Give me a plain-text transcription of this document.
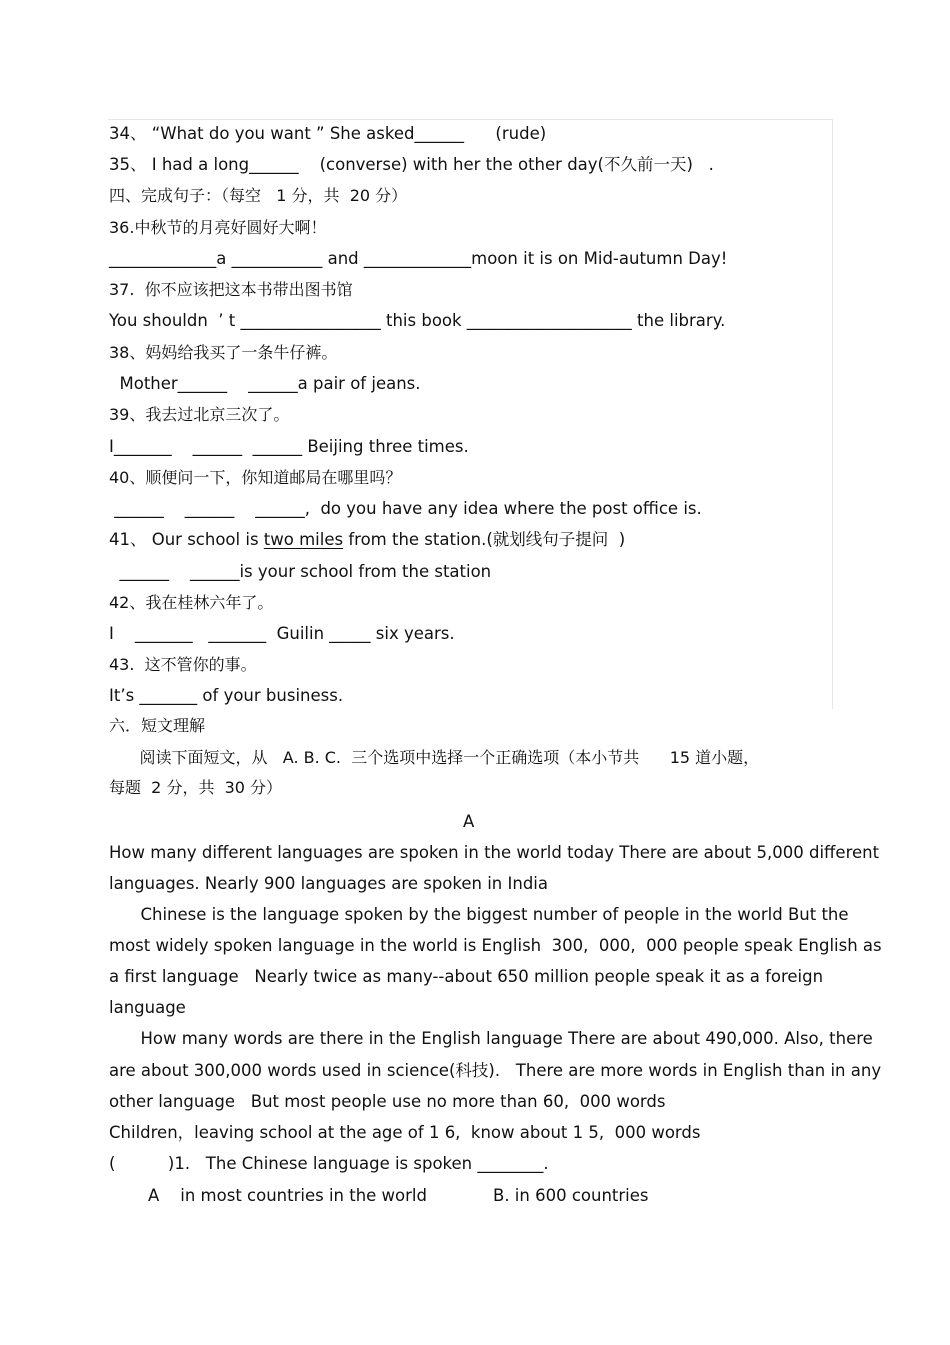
34、 “What do you want ” She asked______      (rude)
35、 I had a long______    (converse) with her the other day(不久前一天)   .
四、完成句子：（每空   1 分，共  20 分）
36.中秋节的月亮好圆好大啊！
_____________a ___________ and _____________moon it is on Mid-autumn Day!
37.  你不应该把这本书带出图书馆
You shouldn  ’ t _________________ this book ____________________ the library.
38、妈妈给我买了一条牛仔裤。
Mother______    ______a pair of jeans.
39、我去过北京三次了。
I_______    ______  ______ Beijing three times.
40、顺便问一下，你知道邮局在哪里吗？
______    ______    ______,  do you have any idea where the post office is.
41、 Our school is two miles from the station.(就划线句子提问  )
______    ______is your school from the station
42、我在桂林六年了。
I    _______   _______  Guilin _____ six years.
43.  这不管你的事。
It’s _______ of your business.
六．短文理解
阅读下面短文，从   A. B. C.  三个选项中选择一个正确选项（本小节共      15 道小题，
每题  2 分，共  30 分）
A
How many different languages are spoken in the world today There are about 5,000 different
languages. Nearly 900 languages are spoken in India
Chinese is the language spoken by the biggest number of people in the world But the
most widely spoken language in the world is English  300,  000,  000 people speak English as
a first language   Nearly twice as many--about 650 million people speak it as a foreign
language
How many words are there in the English language There are about 490,000. Also, there
are about 300,000 words used in science(科技).   There are more words in English than in any
other language   But most people use no more than 60,  000 words
Children，leaving school at the age of 1 6,  know about 1 5,  000 words
(          )1.   The Chinese language is spoken ________.
A    in most countries in the world	B. in 600 countries
